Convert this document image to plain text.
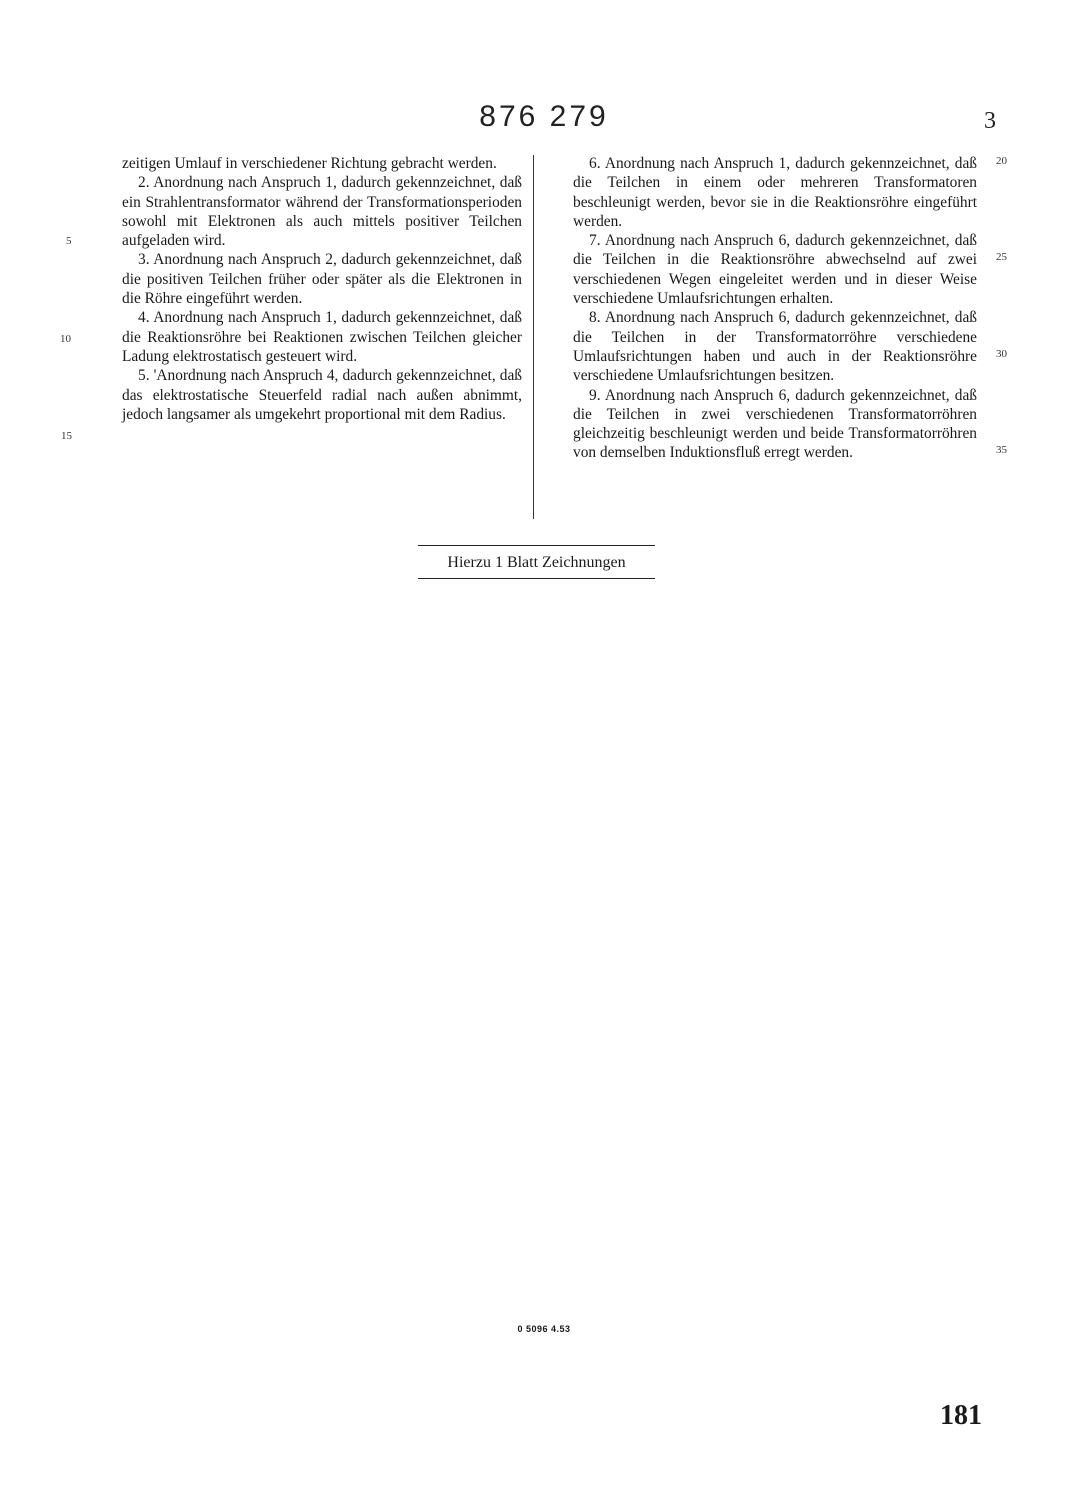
876 279	3

zeitigen Umlauf in verschiedener Richtung gebracht werden.

2. Anordnung nach Anspruch 1, dadurch gekennzeichnet, daß ein Strahlentransformator während der Transformationsperioden sowohl mit Elektronen als auch mittels positiver Teilchen aufgeladen wird.

3. Anordnung nach Anspruch 2, dadurch gekennzeichnet, daß die positiven Teilchen früher oder später als die Elektronen in die Röhre eingeführt werden.

4. Anordnung nach Anspruch 1, dadurch gekennzeichnet, daß die Reaktionsröhre bei Reaktionen zwischen Teilchen gleicher Ladung elektrostatisch gesteuert wird.

5. 'Anordnung nach Anspruch 4, dadurch gekennzeichnet, daß das elektrostatische Steuerfeld radial nach außen abnimmt, jedoch langsamer als umgekehrt proportional mit dem Radius.

6. Anordnung nach Anspruch 1, dadurch gekennzeichnet, daß die Teilchen in einem oder mehreren Transformatoren beschleunigt werden, bevor sie in die Reaktionsröhre eingeführt werden.

7. Anordnung nach Anspruch 6, dadurch gekennzeichnet, daß die Teilchen in die Reaktionsröhre abwechselnd auf zwei verschiedenen Wegen eingeleitet werden und in dieser Weise verschiedene Umlaufsrichtungen erhalten.

8. Anordnung nach Anspruch 6, dadurch gekennzeichnet, daß die Teilchen in der Transformatorröhre verschiedene Umlaufsrichtungen haben und auch in der Reaktionsröhre verschiedene Umlaufsrichtungen besitzen.

9. Anordnung nach Anspruch 6, dadurch gekennzeichnet, daß die Teilchen in zwei verschiedenen Transformatorröhren gleichzeitig beschleunigt werden und beide Transformatorröhren von demselben Induktionsfluß erregt werden.

5
10
15
20
25
30
35
Hierzu 1 Blatt Zeichnungen
0 5096 4.53
181
